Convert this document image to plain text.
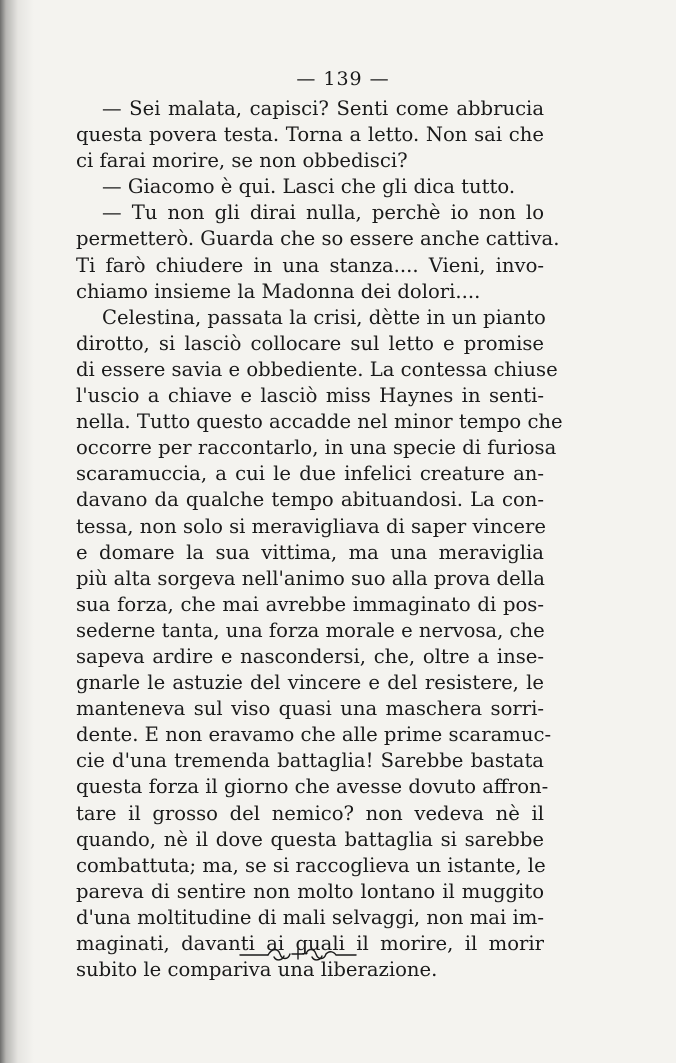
— 139 —
— Sei malata, capisci? Senti come abbrucia
questa povera testa. Torna a letto. Non sai che
ci farai morire, se non obbedisci?
— Giacomo è qui. Lasci che gli dica tutto.
— Tu non gli dirai nulla, perchè io non lo
permetterò. Guarda che so essere anche cattiva.
Ti farò chiudere in una stanza.... Vieni, invo-
chiamo insieme la Madonna dei dolori....
Celestina, passata la crisi, dètte in un pianto
dirotto, si lasciò collocare sul letto e promise
di essere savia e obbediente. La contessa chiuse
l'uscio a chiave e lasciò miss Haynes in senti-
nella. Tutto questo accadde nel minor tempo che
occorre per raccontarlo, in una specie di furiosa
scaramuccia, a cui le due infelici creature an-
davano da qualche tempo abituandosi. La con-
tessa, non solo si meravigliava di saper vincere
e domare la sua vittima, ma una meraviglia
più alta sorgeva nell'animo suo alla prova della
sua forza, che mai avrebbe immaginato di pos-
sederne tanta, una forza morale e nervosa, che
sapeva ardire e nascondersi, che, oltre a inse-
gnarle le astuzie del vincere e del resistere, le
manteneva sul viso quasi una maschera sorri-
dente. E non eravamo che alle prime scaramuc-
cie d'una tremenda battaglia! Sarebbe bastata
questa forza il giorno che avesse dovuto affron-
tare il grosso del nemico? non vedeva nè il
quando, nè il dove questa battaglia si sarebbe
combattuta; ma, se si raccoglieva un istante, le
pareva di sentire non molto lontano il muggito
d'una moltitudine di mali selvaggi, non mai im-
maginati, davanti ai quali il morire, il morir
subito le compariva una liberazione.
